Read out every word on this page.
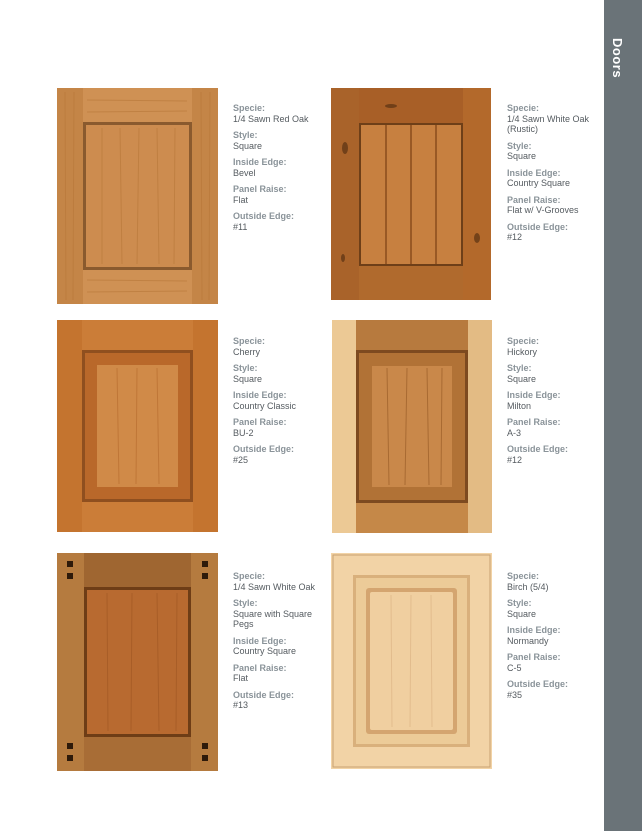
Doors
Specie:
1/4 Sawn Red Oak
Style:
Square
Inside Edge:
Bevel
Panel Raise:
Flat
Outside Edge:
#11
Specie:
1/4 Sawn White Oak (Rustic)
Style:
Square
Inside Edge:
Country Square
Panel Raise:
Flat w/ V-Grooves
Outside Edge:
#12
Specie:
Cherry
Style:
Square
Inside Edge:
Country Classic
Panel Raise:
BU-2
Outside Edge:
#25
Specie:
Hickory
Style:
Square
Inside Edge:
Milton
Panel Raise:
A-3
Outside Edge:
#12
Specie:
1/4 Sawn White Oak
Style:
Square with Square Pegs
Inside Edge:
Country Square
Panel Raise:
Flat
Outside Edge:
#13
Specie:
Birch (5/4)
Style:
Square
Inside Edge:
Normandy
Panel Raise:
C-5
Outside Edge:
#35
